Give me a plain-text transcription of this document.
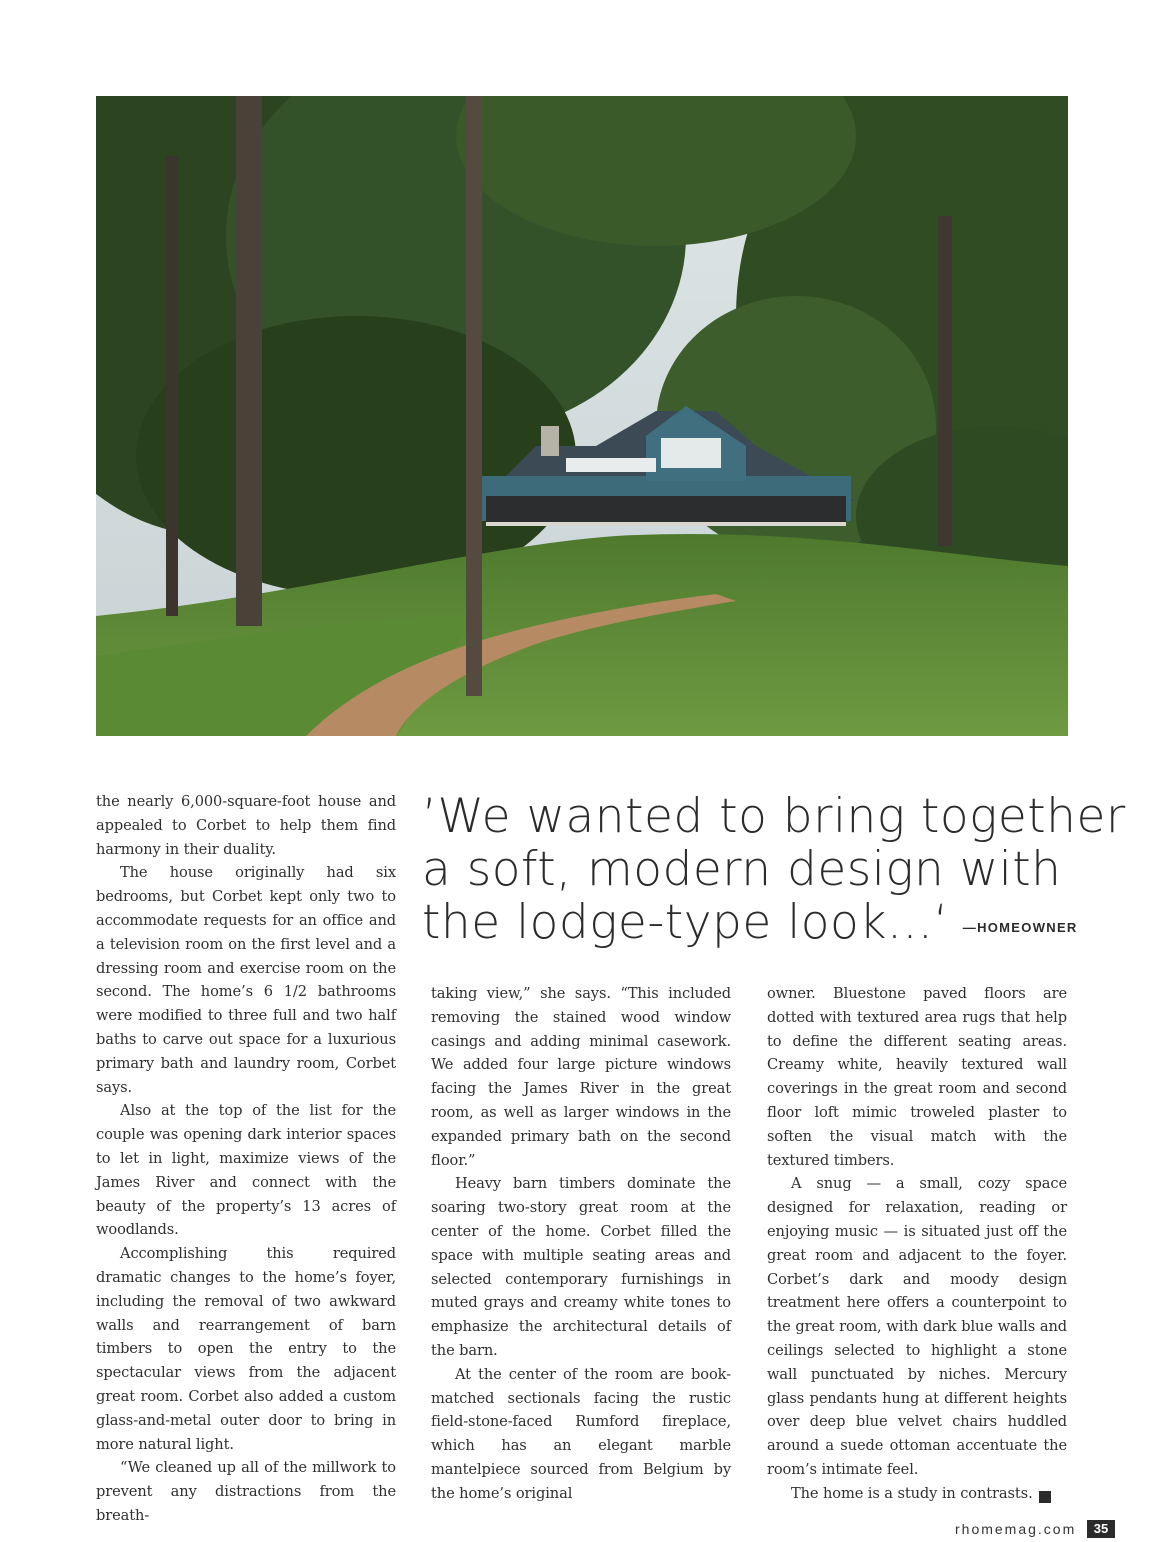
’We wanted to bring together
a soft, modern design with
the lodge-type look...‘ —HOMEOWNER

the nearly 6,000-square-foot house and appealed to Corbet to help them find harmony in their duality.

The house originally had six bedrooms, but Corbet kept only two to accommodate requests for an office and a television room on the first level and a dressing room and exercise room on the second. The home’s 6 1/2 bathrooms were modified to three full and two half baths to carve out space for a luxurious primary bath and laundry room, Corbet says.

Also at the top of the list for the couple was opening dark interior spaces to let in light, maximize views of the James River and connect with the beauty of the property’s 13 acres of woodlands.

Accomplishing this required dramatic changes to the home’s foyer, including the removal of two awkward walls and rearrangement of barn timbers to open the entry to the spectacular views from the adjacent great room. Corbet also added a custom glass-and-metal outer door to bring in more natural light.

“We cleaned up all of the millwork to prevent any distractions from the breath-

taking view,” she says. “This included removing the stained wood window casings and adding minimal casework. We added four large picture windows facing the James River in the great room, as well as larger windows in the expanded primary bath on the second floor.”

Heavy barn timbers dominate the soaring two-story great room at the center of the home. Corbet filled the space with multiple seating areas and selected contemporary furnishings in muted grays and creamy white tones to emphasize the architectural details of the barn.

At the center of the room are book-matched sectionals facing the rustic field-stone-faced Rumford fireplace, which has an elegant marble mantelpiece sourced from Belgium by the home’s original

owner. Bluestone paved floors are dotted with textured area rugs that help to define the different seating areas. Creamy white, heavily textured wall coverings in the great room and second floor loft mimic troweled plaster to soften the visual match with the textured timbers.

A snug — a small, cozy space designed for relaxation, reading or enjoying music — is situated just off the great room and adjacent to the foyer. Corbet’s dark and moody design treatment here offers a counterpoint to the great room, with dark blue walls and ceilings selected to highlight a stone wall punctuated by niches. Mercury glass pendants hung at different heights over deep blue velvet chairs huddled around a suede ottoman accentuate the room’s intimate feel.

The home is a study in contrasts.	➜

rhomemag.com	35
